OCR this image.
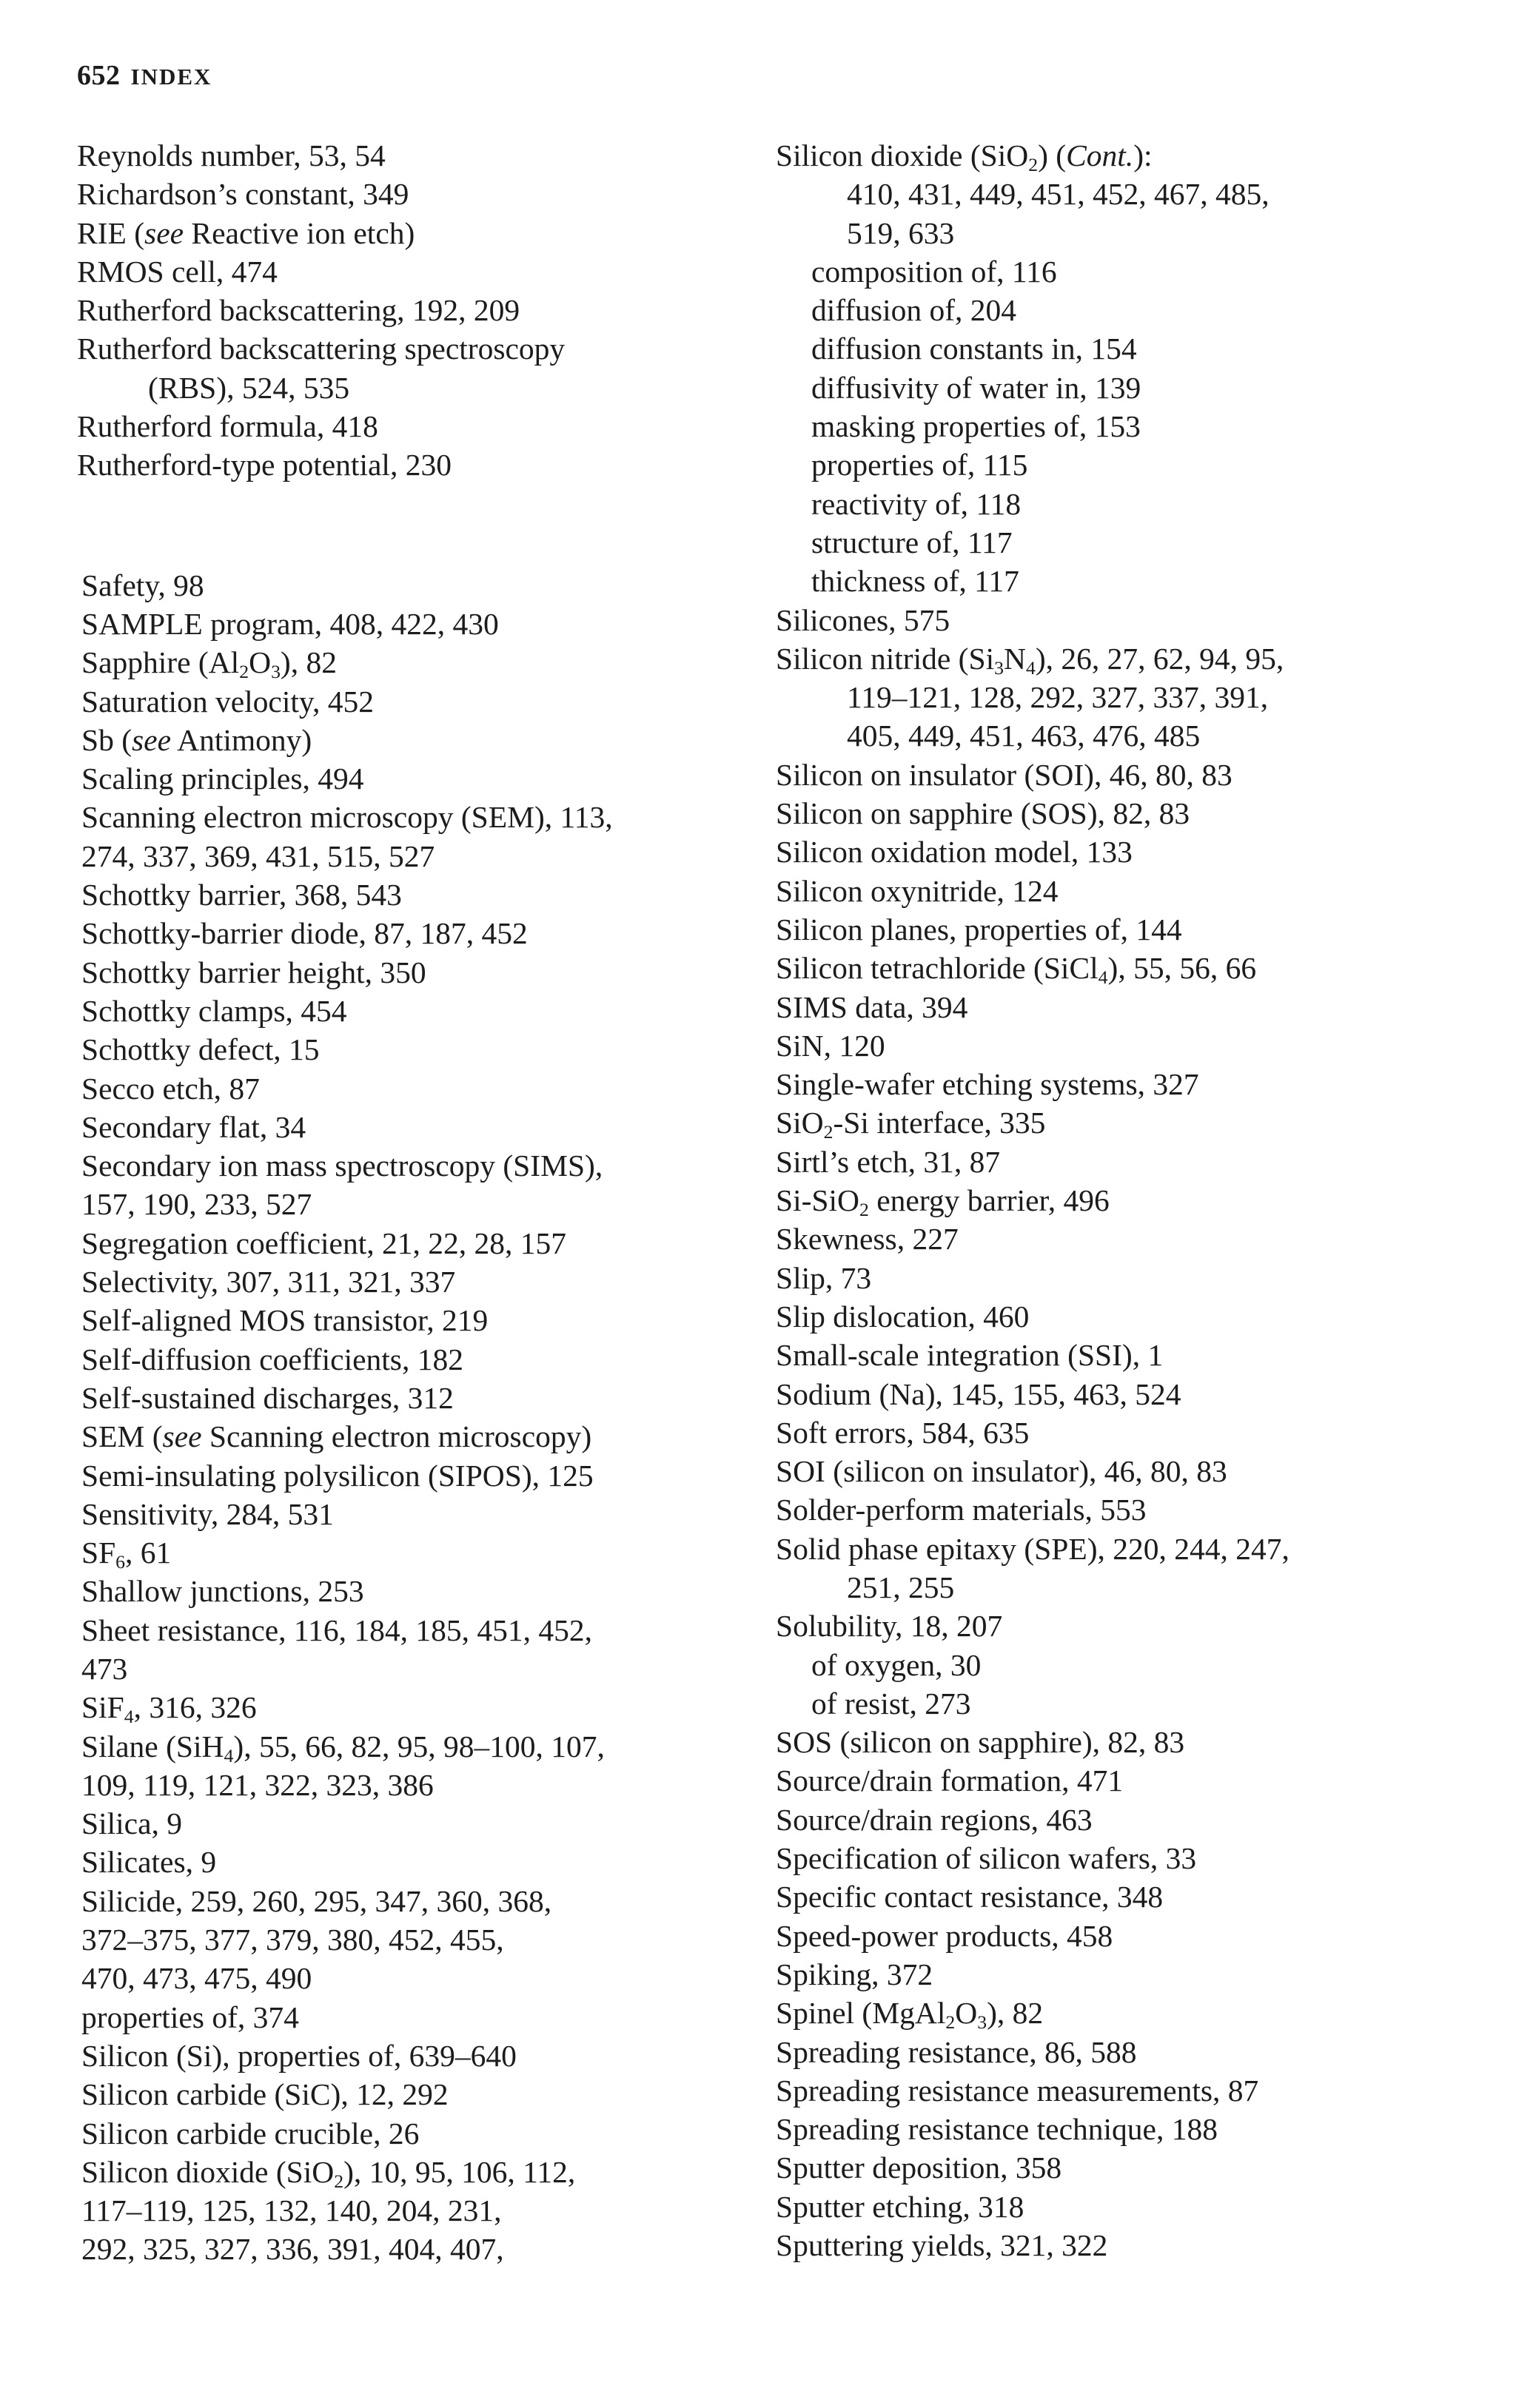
652 INDEX
Reynolds number, 53, 54
Richardson’s constant, 349
RIE (see Reactive ion etch)
RMOS cell, 474
Rutherford backscattering, 192, 209
Rutherford backscattering spectroscopy
(RBS), 524, 535
Rutherford formula, 418
Rutherford-type potential, 230
Safety, 98
SAMPLE program, 408, 422, 430
Sapphire $(Al_2O_3)$, 82
Saturation velocity, 452
Sb (see Antimony)
Scaling principles, 494
Scanning electron microscopy (SEM), 113,
274, 337, 369, 431, 515, 527
Schottky barrier, 368, 543
Schottky-barrier diode, 87, 187, 452
Schottky barrier height, 350
Schottky clamps, 454
Schottky defect, 15
Secco etch, 87
Secondary flat, 34
Secondary ion mass spectroscopy (SIMS),
157, 190, 233, 527
Segregation coefficient, 21, 22, 28, 157
Selectivity, 307, 311, 321, 337
Self-aligned MOS transistor, 219
Self-diffusion coefficients, 182
Self-sustained discharges, 312
SEM (see Scanning electron microscopy)
Semi-insulating polysilicon (SIPOS), 125
Sensitivity, 284, 531
$SF_6$, 61
Shallow junctions, 253
Sheet resistance, 116, 184, 185, 451, 452,
473
SiF$_4$, 316, 326
Silane (SiH$_4$), 55, 66, 82, 95, 98–100, 107,
109, 119, 121, 322, 323, 386
Silica, 9
Silicates, 9
Silicide, 259, 260, 295, 347, 360, 368,
372–375, 377, 379, 380, 452, 455,
470, 473, 475, 490
properties of, 374
Silicon (Si), properties of, 639–640
Silicon carbide (SiC), 12, 292
Silicon carbide crucible, 26
Silicon dioxide (SiO$_2$), 10, 95, 106, 112,
117–119, 125, 132, 140, 204, 231,
292, 325, 327, 336, 391, 404, 407,
Silicon dioxide (SiO$_2$) (Cont.):
410, 431, 449, 451, 452, 467, 485,
519, 633
composition of, 116
diffusion of, 204
diffusion constants in, 154
diffusivity of water in, 139
masking properties of, 153
properties of, 115
reactivity of, 118
structure of, 117
thickness of, 117
Silicones, 575
Silicon nitride $(Si_3N_4)$, 26, 27, 62, 94, 95,
119–121, 128, 292, 327, 337, 391,
405, 449, 451, 463, 476, 485
Silicon on insulator (SOI), 46, 80, 83
Silicon on sapphire (SOS), 82, 83
Silicon oxidation model, 133
Silicon oxynitride, 124
Silicon planes, properties of, 144
Silicon tetrachloride (SiCl$_4$), 55, 56, 66
SIMS data, 394
SiN, 120
Single-wafer etching systems, 327
SiO$_2$-Si interface, 335
Sirtl’s etch, 31, 87
Si-SiO$_2$ energy barrier, 496
Skewness, 227
Slip, 73
Slip dislocation, 460
Small-scale integration (SSI), 1
Sodium (Na), 145, 155, 463, 524
Soft errors, 584, 635
SOI (silicon on insulator), 46, 80, 83
Solder-perform materials, 553
Solid phase epitaxy (SPE), 220, 244, 247,
251, 255
Solubility, 18, 207
of oxygen, 30
of resist, 273
SOS (silicon on sapphire), 82, 83
Source/drain formation, 471
Source/drain regions, 463
Specification of silicon wafers, 33
Specific contact resistance, 348
Speed-power products, 458
Spiking, 372
Spinel $(MgAl_2O_3)$, 82
Spreading resistance, 86, 588
Spreading resistance measurements, 87
Spreading resistance technique, 188
Sputter deposition, 358
Sputter etching, 318
Sputtering yields, 321, 322
